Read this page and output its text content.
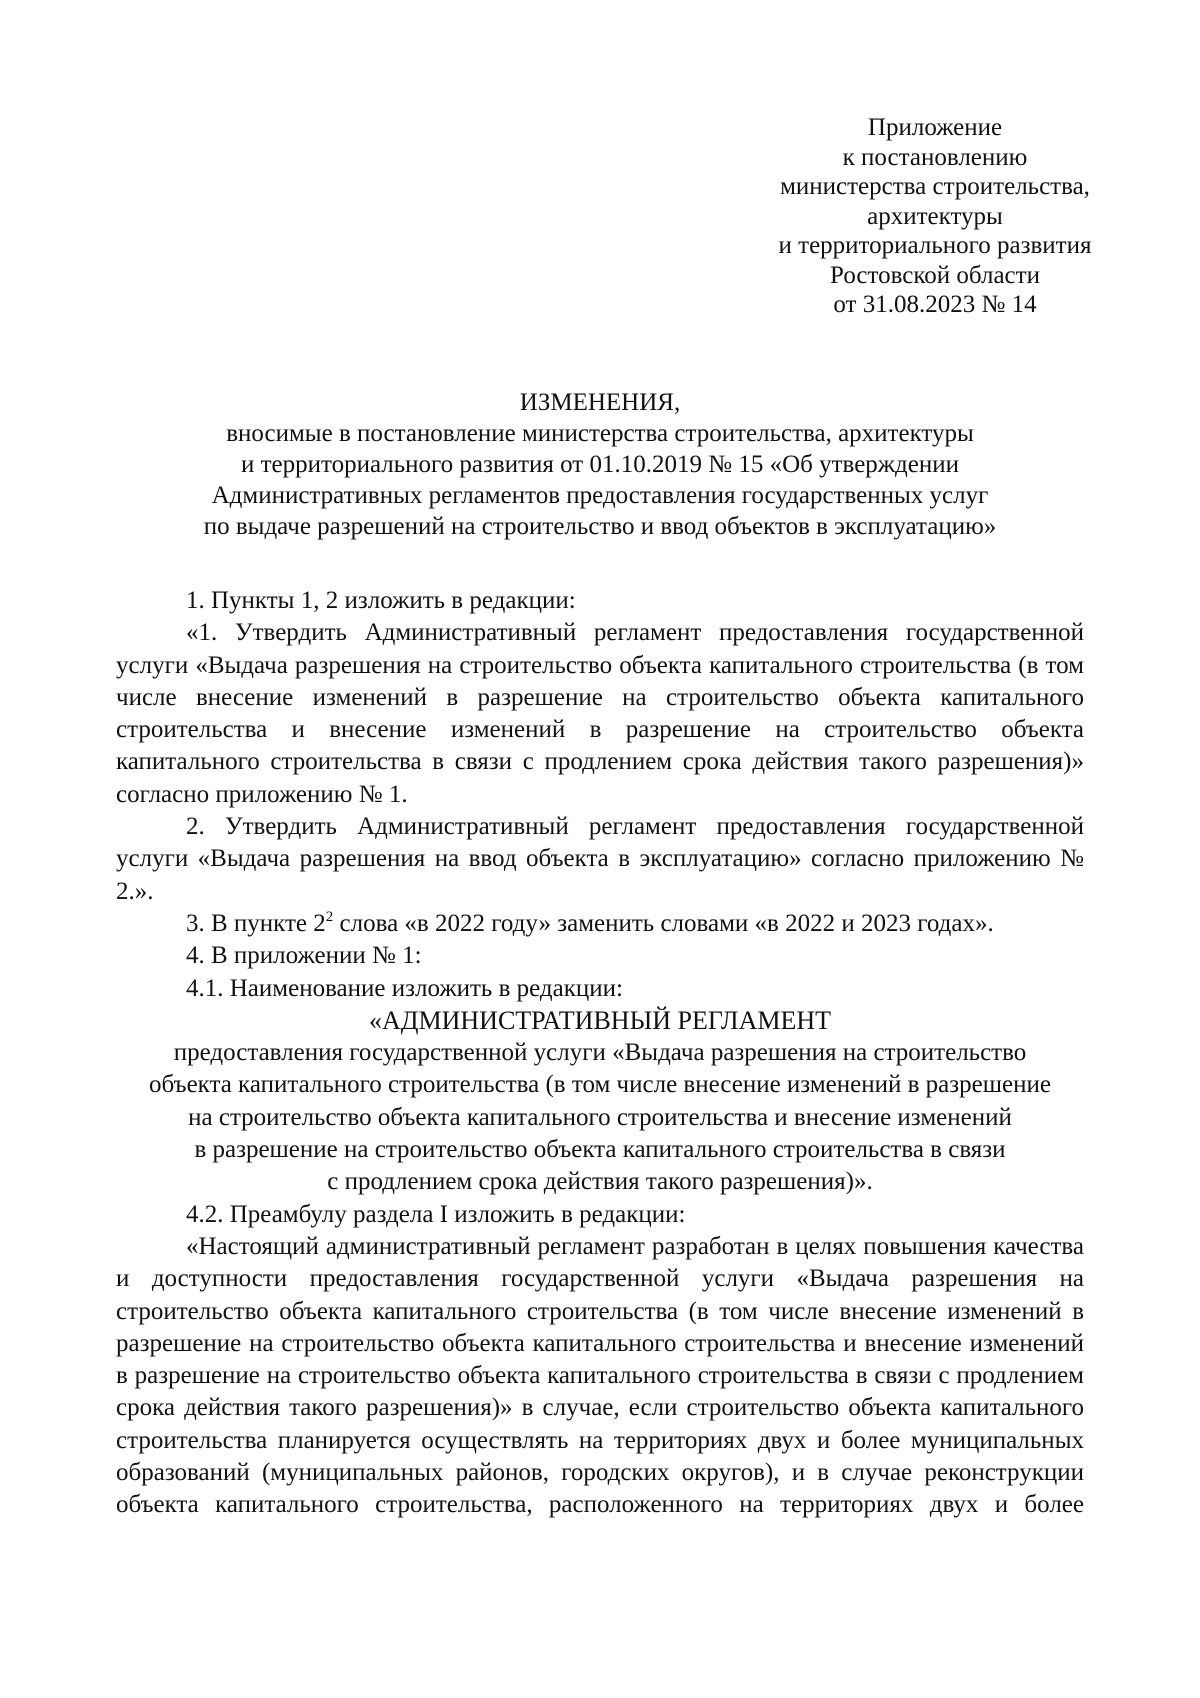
Приложение
к постановлению
министерства строительства,
архитектуры
и территориального развития
Ростовской области
от 31.08.2023 № 14
ИЗМЕНЕНИЯ,
вносимые в постановление министерства строительства, архитектуры
и территориального развития от 01.10.2019 № 15 «Об утверждении
Административных регламентов предоставления государственных услуг
по выдаче разрешений на строительство и ввод объектов в эксплуатацию»

1. Пункты 1, 2 изложить в редакции:

«1. Утвердить Административный регламент предоставления государственной услуги «Выдача разрешения на строительство объекта капитального строительства (в том числе внесение изменений в разрешение на строительство объекта капитального строительства и внесение изменений в разрешение на строительство объекта капитального строительства в связи с продлением срока действия такого разрешения)» согласно приложению № 1.

2. Утвердить Административный регламент предоставления государственной услуги «Выдача разрешения на ввод объекта в эксплуатацию» согласно приложению № 2.».

3. В пункте $2^2$ слова «в 2022 году» заменить словами «в 2022 и 2023 годах».

4. В приложении № 1:

4.1. Наименование изложить в редакции:

«АДМИНИСТРАТИВНЫЙ РЕГЛАМЕНТ

предоставления государственной услуги «Выдача разрешения на строительство
объекта капитального строительства (в том числе внесение изменений в разрешение
на строительство объекта капитального строительства и внесение изменений
в разрешение на строительство объекта капитального строительства в связи
с продлением срока действия такого разрешения)».

4.2. Преамбулу раздела I изложить в редакции:

«Настоящий административный регламент разработан в целях повышения качества и доступности предоставления государственной услуги «Выдача разрешения на строительство объекта капитального строительства (в том числе внесение изменений в разрешение на строительство объекта капитального строительства и внесение изменений в разрешение на строительство объекта капитального строительства в связи с продлением срока действия такого разрешения)» в случае, если строительство объекта капитального строительства планируется осуществлять на территориях двух и более муниципальных образований (муниципальных районов, городских округов), и в случае реконструкции объекта капитального строительства, расположенного на территориях двух и более
